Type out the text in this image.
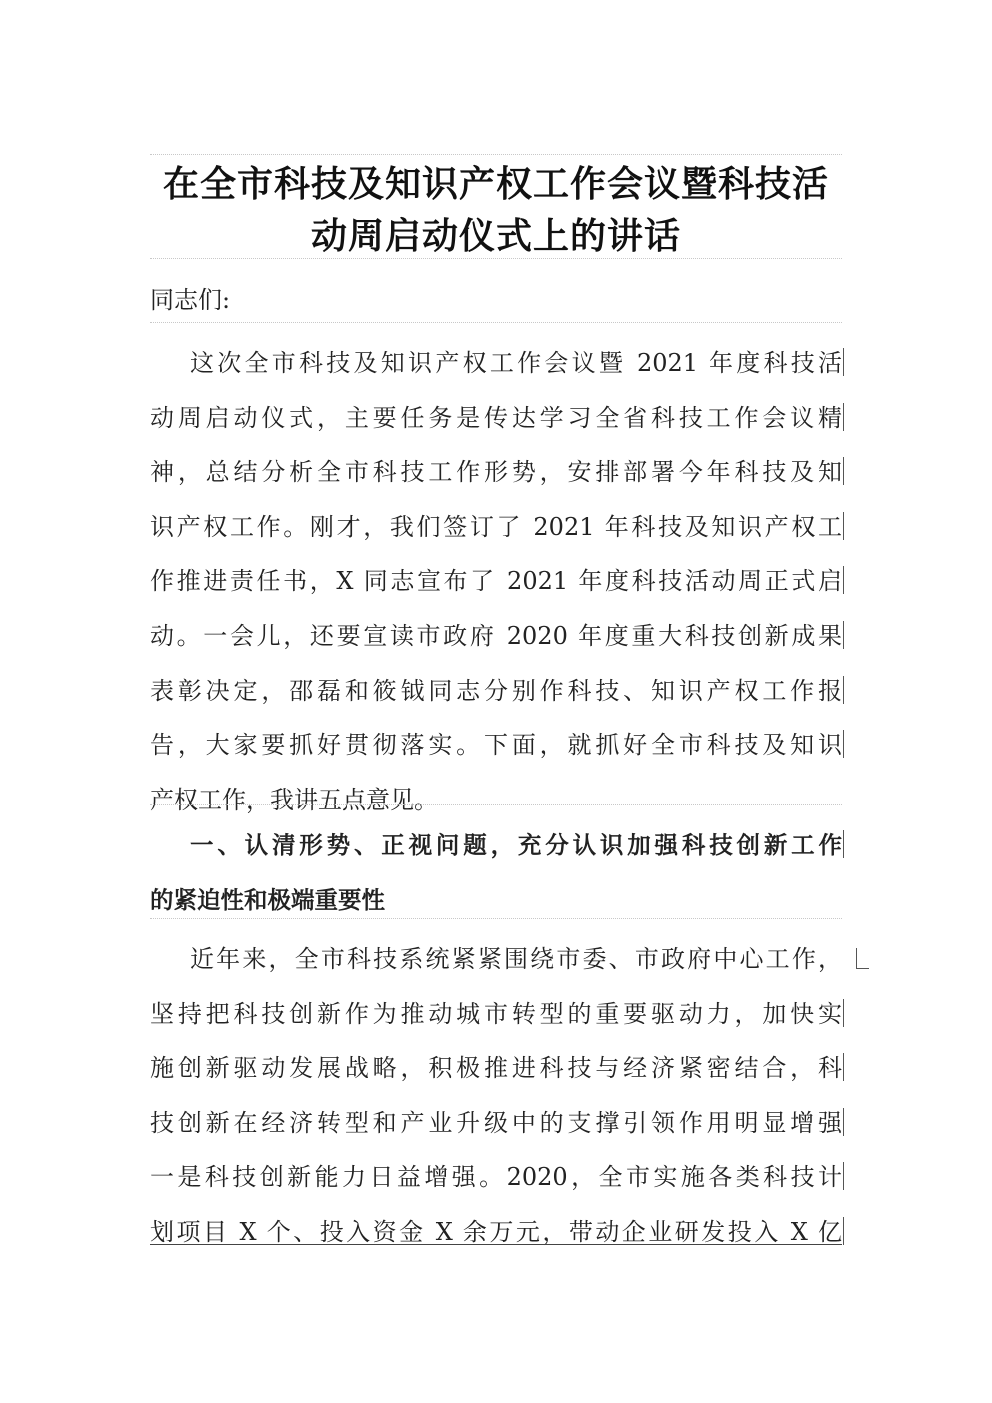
在全市科技及知识产权工作会议暨科技活
动周启动仪式上的讲话
同志们:
这次全市科技及知识产权工作会议暨 2021 年度科技活
动周启动仪式，主要任务是传达学习全省科技工作会议精
神，总结分析全市科技工作形势，安排部署今年科技及知
识产权工作。刚才，我们签订了 2021 年科技及知识产权工
作推进责任书，X 同志宣布了 2021 年度科技活动周正式启
动。一会儿，还要宣读市政府 2020 年度重大科技创新成果
表彰决定，邵磊和筱钺同志分别作科技、知识产权工作报
告，大家要抓好贯彻落实。下面，就抓好全市科技及知识
产权工作，我讲五点意见。
一、认清形势、正视问题，充分认识加强科技创新工作
的紧迫性和极端重要性
近年来，全市科技系统紧紧围绕市委、市政府中心工作，
坚持把科技创新作为推动城市转型的重要驱动力，加快实
施创新驱动发展战略，积极推进科技与经济紧密结合，科
技创新在经济转型和产业升级中的支撑引领作用明显增强
一是科技创新能力日益增强。2020，全市实施各类科技计
划项目 X 个、投入资金 X 余万元，带动企业研发投入 X 亿
